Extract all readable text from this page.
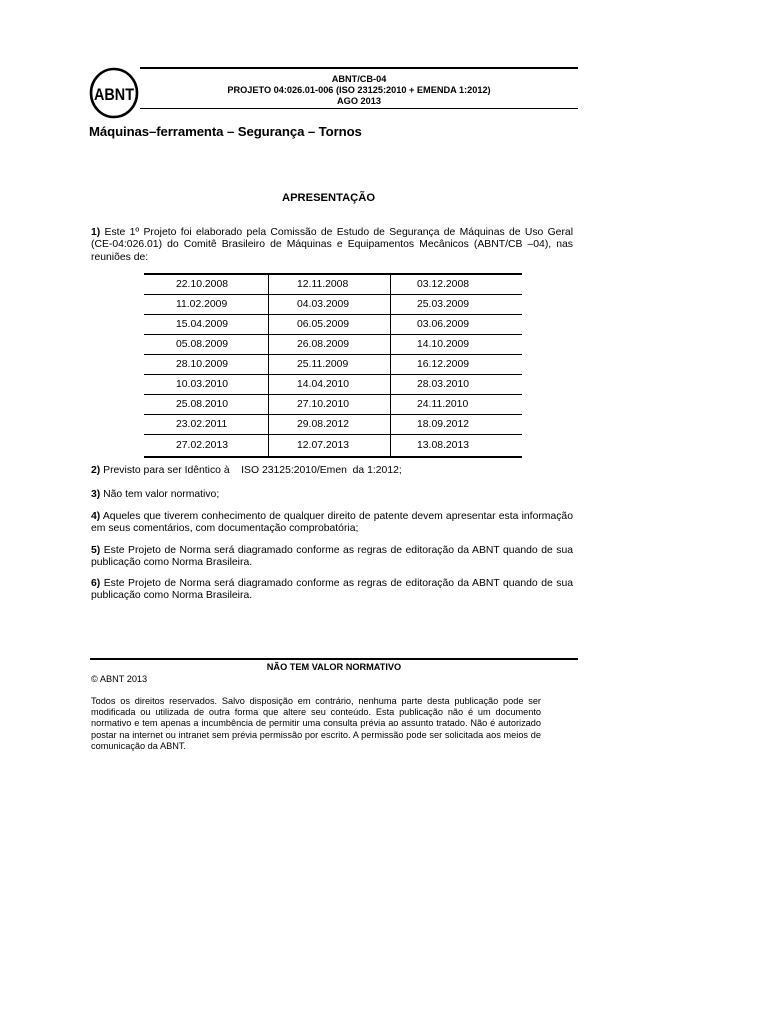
ABNT
ABNT/CB-04
PROJETO 04:026.01-006 (ISO 23125:2010 + EMENDA 1:2012)
AGO 2013
Máquinas–ferramenta – Segurança – Tornos
APRESENTAÇÃO
1) Este 1º Projeto foi elaborado pela Comissão de Estudo de Segurança de Máquinas de Uso Geral (CE-04:026.01) do Comitê Brasileiro de Máquinas e Equipamentos Mecânicos (ABNT/CB –04), nas reuniões de:
22.10.2008	12.11.2008	03.12.2008
11.02.2009	04.03.2009	25.03.2009
15.04.2009	06.05.2009	03.06.2009
05.08.2009	26.08.2009	14.10.2009
28.10.2009	25.11.2009	16.12.2009
10.03.2010	14.04.2010	28.03.2010
25.08.2010	27.10.2010	24.11.2010
23.02.2011	29.08.2012	18.09.2012
27.02.2013	12.07.2013	13.08.2013
2) Previsto para ser Idêntico à    ISO 23125:2010/Emen  da 1:2012;
3) Não tem valor normativo;
4) Aqueles que tiverem conhecimento de qualquer direito de patente devem apresentar esta informação em seus comentários, com documentação comprobatória;
5) Este Projeto de Norma será diagramado conforme as regras de editoração da ABNT quando de sua publicação como Norma Brasileira.
6) Este Projeto de Norma será diagramado conforme as regras de editoração da ABNT quando de sua publicação como Norma Brasileira.
NÃO TEM VALOR NORMATIVO
© ABNT 2013
Todos os direitos reservados. Salvo disposição em contrário, nenhuma parte desta publicação pode ser modificada ou utilizada de outra forma que altere seu conteúdo. Esta publicação não é um documento normativo e tem apenas a incumbência de permitir uma consulta prévia ao assunto tratado. Não é autorizado postar na internet ou intranet sem prévia permissão por escrito. A permissão pode ser solicitada aos meios de comunicação da ABNT.
